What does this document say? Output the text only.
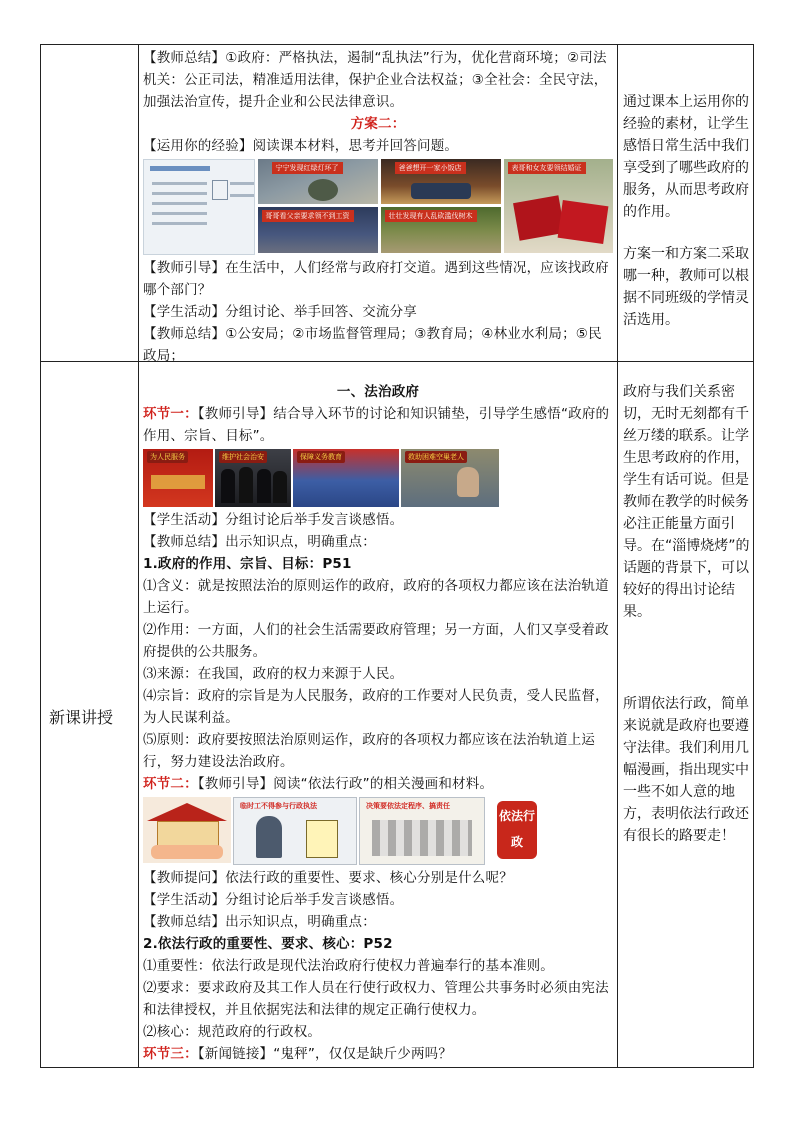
【教师总结】①政府：严格执法，遏制“乱执法”行为，优化营商环境；②司法机关：公正司法，精准适用法律，保护企业合法权益；③全社会：全民守法，加强法治宣传，提升企业和公民法律意识。

方案二：

【运用你的经验】阅读课本材料，思考并回答问题。

宁宁发现红绿灯坏了	爸爸想开一家小饭店
哥哥看父亲要求领不到工资	壮壮发现有人乱砍滥伐树木
表哥和女友要领结婚证

【教师引导】在生活中，人们经常与政府打交道。遇到这些情况，应该找政府哪个部门？

【学生活动】分组讨论、举手回答、交流分享

【教师总结】①公安局；②市场监督管理局；③教育局；④林业水利局；⑤民政局；

通过课本上运用你的经验的素材，让学生感悟日常生活中我们享受到了哪些政府的服务，从而思考政府的作用。

方案一和方案二采取哪一种，教师可以根据不同班级的学情灵活选用。

新课讲授

一、法治政府

环节一：【教师引导】结合导入环节的讨论和知识铺垫，引导学生感悟“政府的作用、宗旨、目标”。

为人民服务	维护社会治安	保障义务教育	救助困难空巢老人

【学生活动】分组讨论后举手发言谈感悟。

【教师总结】出示知识点，明确重点：

1.政府的作用、宗旨、目标：P51

⑴含义：就是按照法治的原则运作的政府，政府的各项权力都应该在法治轨道上运行。

⑵作用：一方面，人们的社会生活需要政府管理；另一方面，人们又享受着政府提供的公共服务。

⑶来源：在我国，政府的权力来源于人民。

⑷宗旨：政府的宗旨是为人民服务，政府的工作要对人民负责，受人民监督，为人民谋利益。

⑸原则：政府要按照法治原则运作，政府的各项权力都应该在法治轨道上运行，努力建设法治政府。

环节二：【教师引导】阅读“依法行政”的相关漫画和材料。

临时工不得参与行政执法	决策要依法定程序、搞责任
依法行政

【教师提问】依法行政的重要性、要求、核心分别是什么呢？

【学生活动】分组讨论后举手发言谈感悟。

【教师总结】出示知识点，明确重点：

2.依法行政的重要性、要求、核心：P52

⑴重要性：依法行政是现代法治政府行使权力普遍奉行的基本准则。

⑵要求：要求政府及其工作人员在行使行政权力、管理公共事务时必须由宪法和法律授权，并且依据宪法和法律的规定正确行使权力。

⑵核心：规范政府的行政权。

环节三：【新闻链接】“鬼秤”，仅仅是缺斤少两吗？

政府与我们关系密切，无时无刻都有千丝万缕的联系。让学生思考政府的作用，学生有话可说。但是教师在教学的时候务必注正能量方面引导。在“淄博烧烤”的话题的背景下，可以较好的得出讨论结果。

所谓依法行政，简单来说就是政府也要遵守法律。我们利用几幅漫画，指出现实中一些不如人意的地方，表明依法行政还有很长的路要走！
